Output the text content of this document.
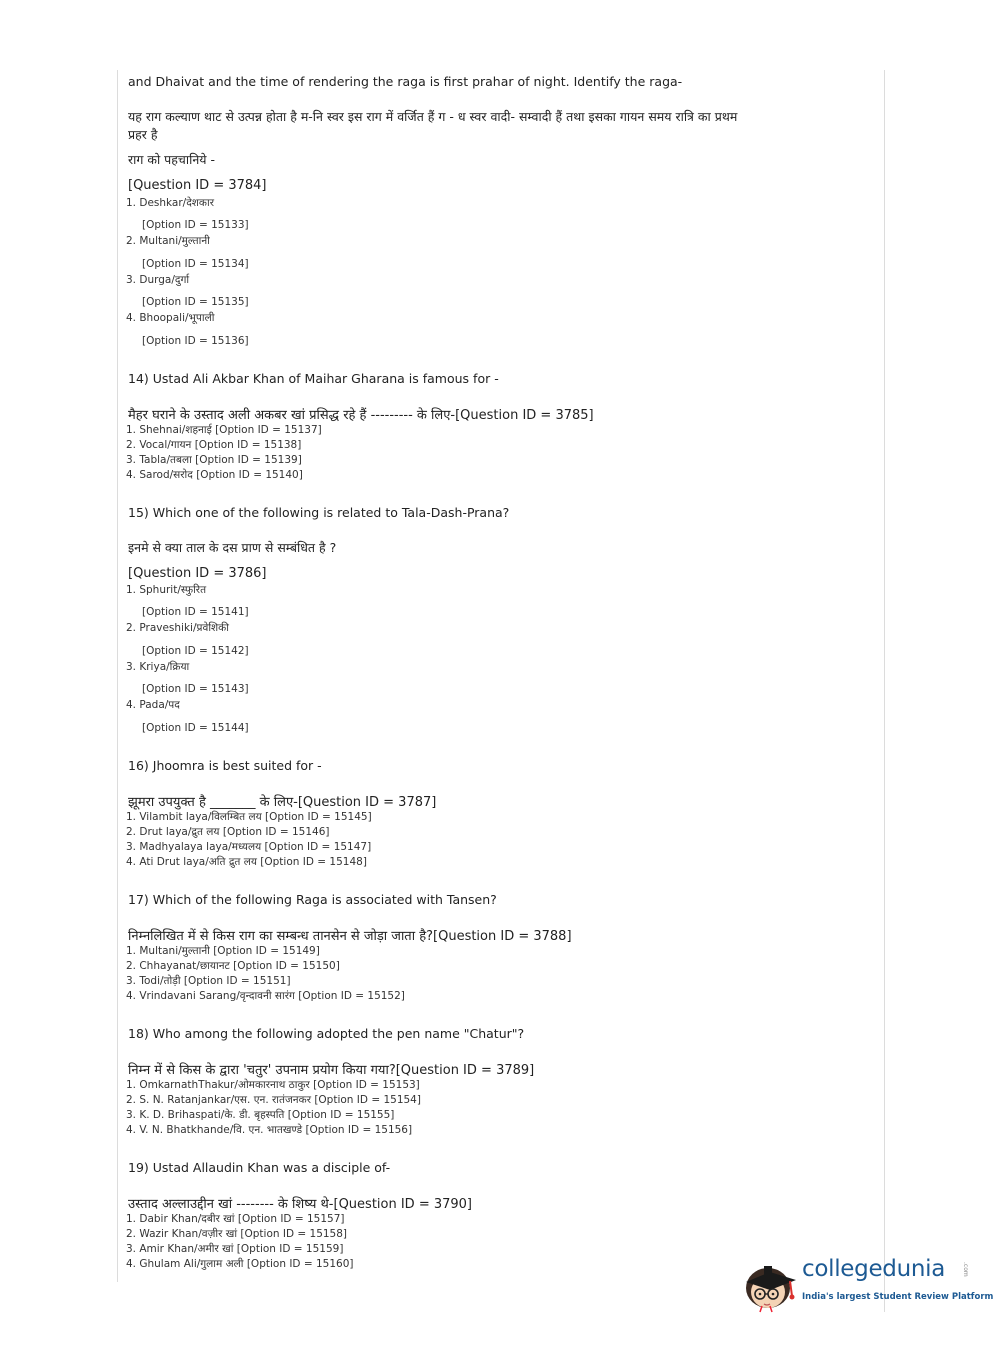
and Dhaivat and the time of rendering the raga is first prahar of night. Identify the raga-
यह राग कल्याण थाट से उत्पन्न होता है म-नि स्वर इस राग में वर्जित हैं ग - ध स्वर वादी- सम्वादी हैं तथा इसका गायन समय रात्रि का प्रथम
प्रहर है
राग को पहचानिये -
[Question ID = 3784]
1. Deshkar/देशकार
[Option ID = 15133]
2. Multani/मुल्तानी
[Option ID = 15134]
3. Durga/दुर्गा
[Option ID = 15135]
4. Bhoopali/भूपाली
[Option ID = 15136]
14) Ustad Ali Akbar Khan of Maihar Gharana is famous for -
मैहर घराने के उस्ताद अली अकबर खां प्रसिद्ध रहे हैं --------- के लिए-[Question ID = 3785]
1. Shehnai/शहनाई [Option ID = 15137]
2. Vocal/गायन [Option ID = 15138]
3. Tabla/तबला [Option ID = 15139]
4. Sarod/सरोद [Option ID = 15140]
15) Which one of the following is related to Tala-Dash-Prana?
इनमे से क्या ताल के दस प्राण से सम्बंधित है ?
[Question ID = 3786]
1. Sphurit/स्फुरित
[Option ID = 15141]
2. Praveshiki/प्रवेशिकी
[Option ID = 15142]
3. Kriya/क्रिया
[Option ID = 15143]
4. Pada/पद
[Option ID = 15144]
16) Jhoomra is best suited for -
झूमरा उपयुक्त है _______ के लिए-[Question ID = 3787]
1. Vilambit laya/विलम्बित लय [Option ID = 15145]
2. Drut laya/द्रुत लय [Option ID = 15146]
3. Madhyalaya laya/मध्यलय [Option ID = 15147]
4. Ati Drut laya/अति द्रुत लय [Option ID = 15148]
17) Which of the following Raga is associated with Tansen?
निम्नलिखित में से किस राग का सम्बन्ध तानसेन से जोड़ा जाता है?[Question ID = 3788]
1. Multani/मुल्तानी [Option ID = 15149]
2. Chhayanat/छायानट [Option ID = 15150]
3. Todi/तोड़ी [Option ID = 15151]
4. Vrindavani Sarang/वृन्दावनी सारंग [Option ID = 15152]
18) Who among the following adopted the pen name "Chatur"?
निम्न में से किस के द्वारा 'चतुर' उपनाम प्रयोग किया गया?[Question ID = 3789]
1. OmkarnathThakur/ओमकारनाथ ठाकुर [Option ID = 15153]
2. S. N. Ratanjankar/एस. एन. रातंजनकर [Option ID = 15154]
3. K. D. Brihaspati/के. डी. बृहस्पति [Option ID = 15155]
4. V. N. Bhatkhande/वि. एन. भातखण्डे [Option ID = 15156]
19) Ustad Allaudin Khan was a disciple of-
उस्ताद अल्लाउद्दीन खां -------- के शिष्य थे-[Question ID = 3790]
1. Dabir Khan/दबीर खां [Option ID = 15157]
2. Wazir Khan/वज़ीर खां [Option ID = 15158]
3. Amir Khan/अमीर खां [Option ID = 15159]
4. Ghulam Ali/गुलाम अली [Option ID = 15160]	collegedunia	.com
India's largest Student Review Platform
